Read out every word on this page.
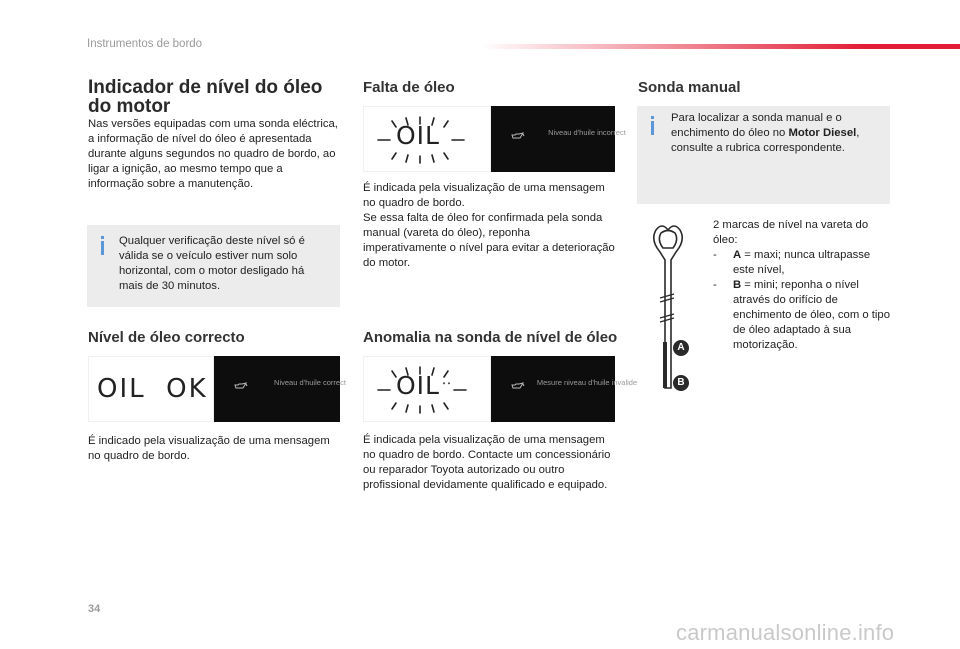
Instrumentos de bordo
Indicador de nível do óleo do motor
Nas versões equipadas com uma sonda eléctrica, a informação de nível do óleo é apresentada durante alguns segundos no quadro de bordo, ao ligar a ignição, ao mesmo tempo que a informação sobre a manutenção.
Qualquer verificação deste nível só é válida se o veículo estiver num solo horizontal, com o motor desligado há mais de 30 minutos.
Nível de óleo correcto
OIL  OK	Niveau d'huile correct
É indicado pela visualização de uma mensagem no quadro de bordo.
Falta de óleo
OIL	Niveau d'huile incorrect
É indicada pela visualização de uma mensagem no quadro de bordo.
Se essa falta de óleo for confirmada pela sonda manual (vareta do óleo), reponha imperativamente o nível para evitar a deterioração do motor.
Anomalia na sonda de nível de óleo
OIL	Mesure niveau d'huile invalide
É indicada pela visualização de uma mensagem no quadro de bordo. Contacte um concessionário ou reparador Toyota autorizado ou outro profissional devidamente qualificado e equipado.
Sonda manual
Para localizar a sonda manual e o enchimento do óleo no Motor Diesel, consulte a rubrica correspondente.
A
B
2 marcas de nível na vareta do óleo:
-	A = maxi; nunca ultrapasse este nível,
-	B = mini; reponha o nível através do orifício de enchimento de óleo, com o tipo de óleo adaptado à sua motorização.
34
carmanualsonline.info
